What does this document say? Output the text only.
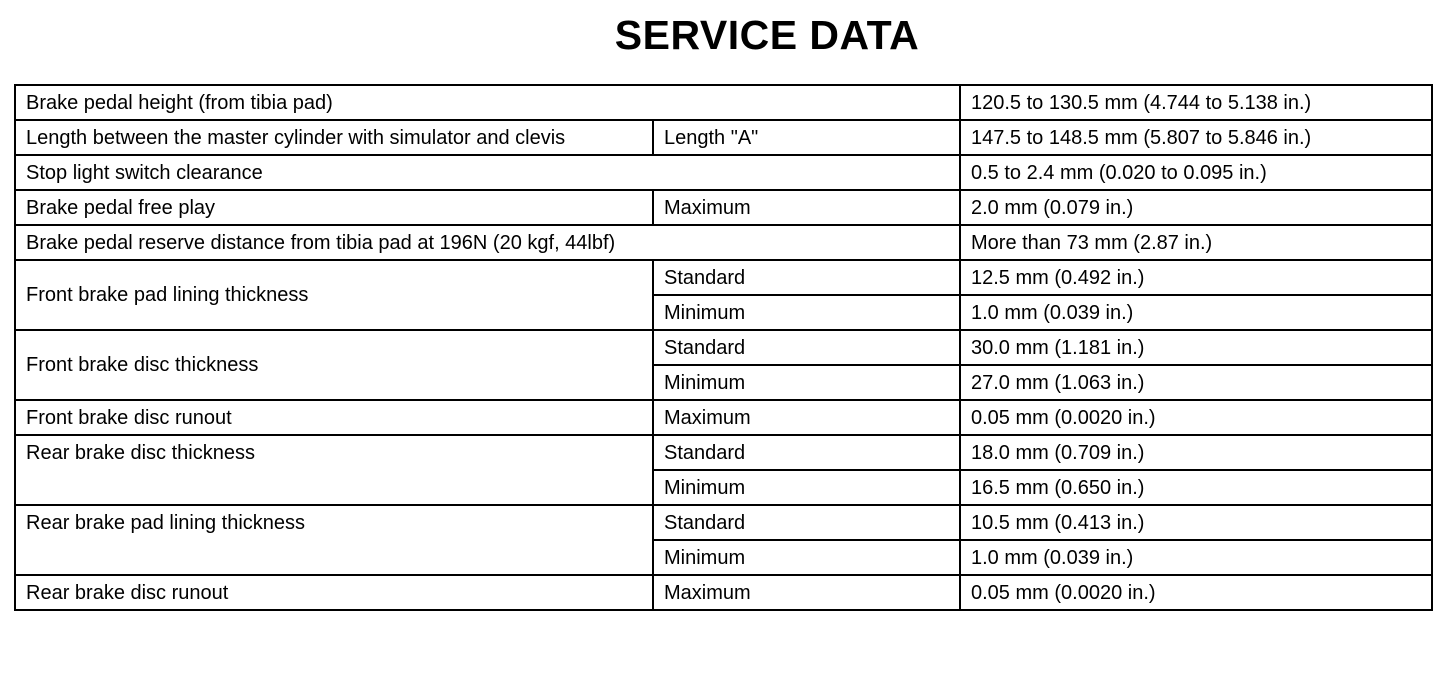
SERVICE DATA
Brake pedal height (from tibia pad)		120.5 to 130.5 mm (4.744 to 5.138 in.)
Length between the master cylinder with simulator and clevis	Length "A"	147.5 to 148.5 mm (5.807 to 5.846 in.)
Stop light switch clearance		0.5 to 2.4 mm (0.020 to 0.095 in.)
Brake pedal free play	Maximum	2.0 mm (0.079 in.)
Brake pedal reserve distance from tibia pad at 196N (20 kgf, 44lbf)		More than 73 mm (2.87 in.)
Front brake pad lining thickness	Standard	12.5 mm (0.492 in.)
	Minimum	1.0 mm (0.039 in.)
Front brake disc thickness	Standard	30.0 mm (1.181 in.)
	Minimum	27.0 mm (1.063 in.)
Front brake disc runout	Maximum	0.05 mm (0.0020 in.)
Rear brake disc thickness	Standard	18.0 mm (0.709 in.)
	Minimum	16.5 mm (0.650 in.)
Rear brake pad lining thickness	Standard	10.5 mm (0.413 in.)
	Minimum	1.0 mm (0.039 in.)
Rear brake disc runout	Maximum	0.05 mm (0.0020 in.)
